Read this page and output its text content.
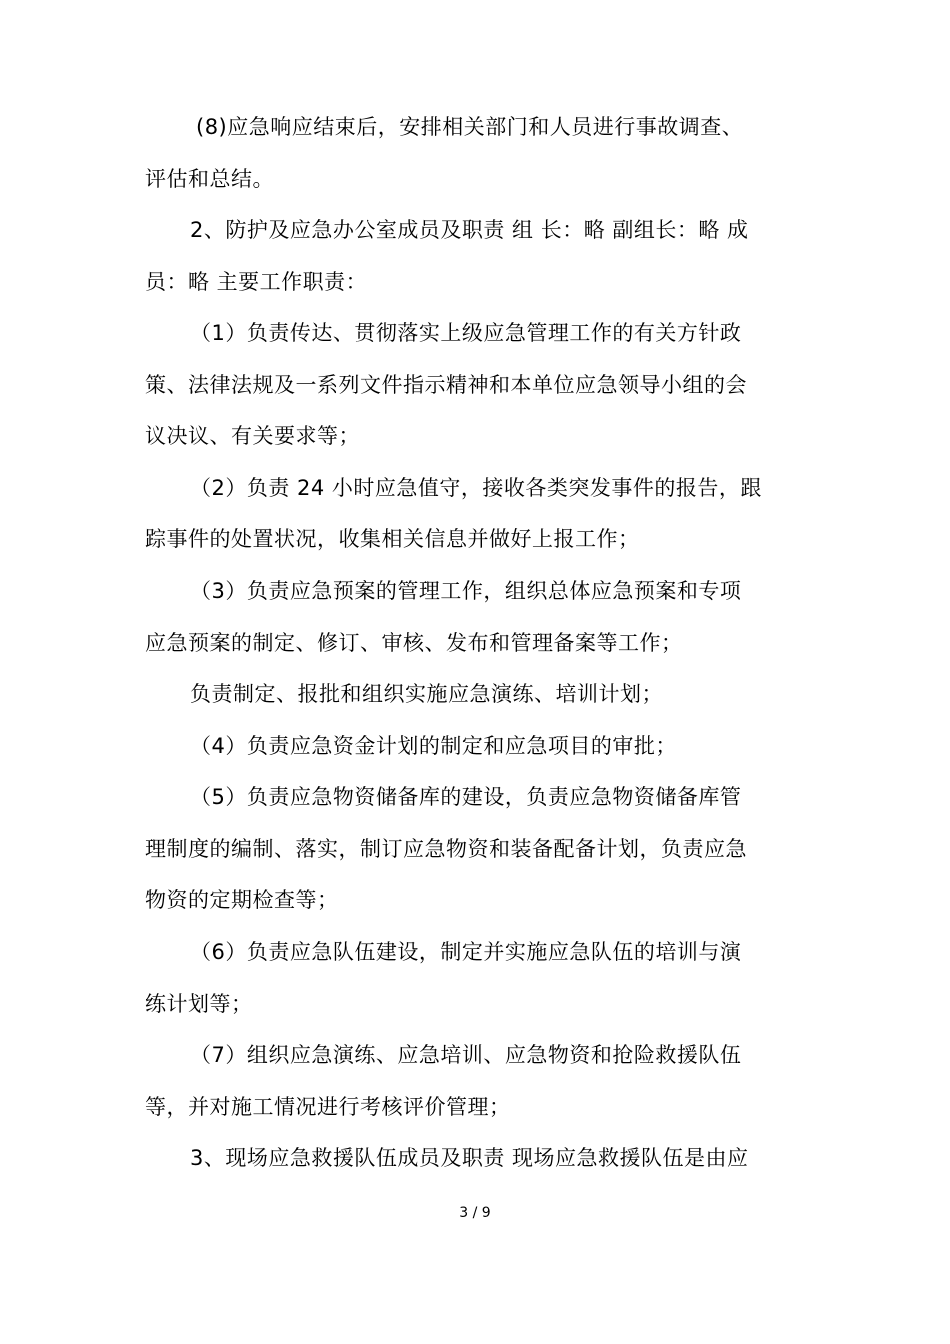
(8)应急响应结束后，安排相关部门和人员进行事故调查、
评估和总结。
2、防护及应急办公室成员及职责 组 长：略 副组长：略 成
员：略 主要工作职责：
（1）负责传达、贯彻落实上级应急管理工作的有关方针政
策、法律法规及一系列文件指示精神和本单位应急领导小组的会
议决议、有关要求等；
（2）负责 24 小时应急值守，接收各类突发事件的报告，跟
踪事件的处置状况，收集相关信息并做好上报工作；
（3）负责应急预案的管理工作，组织总体应急预案和专项
应急预案的制定、修订、审核、发布和管理备案等工作；
负责制定、报批和组织实施应急演练、培训计划；
（4）负责应急资金计划的制定和应急项目的审批；
（5）负责应急物资储备库的建设，负责应急物资储备库管
理制度的编制、落实，制订应急物资和装备配备计划，负责应急
物资的定期检查等；
（6）负责应急队伍建设，制定并实施应急队伍的培训与演
练计划等；
（7）组织应急演练、应急培训、应急物资和抢险救援队伍
等，并对施工情况进行考核评价管理；
3、现场应急救援队伍成员及职责 现场应急救援队伍是由应
3 / 9
